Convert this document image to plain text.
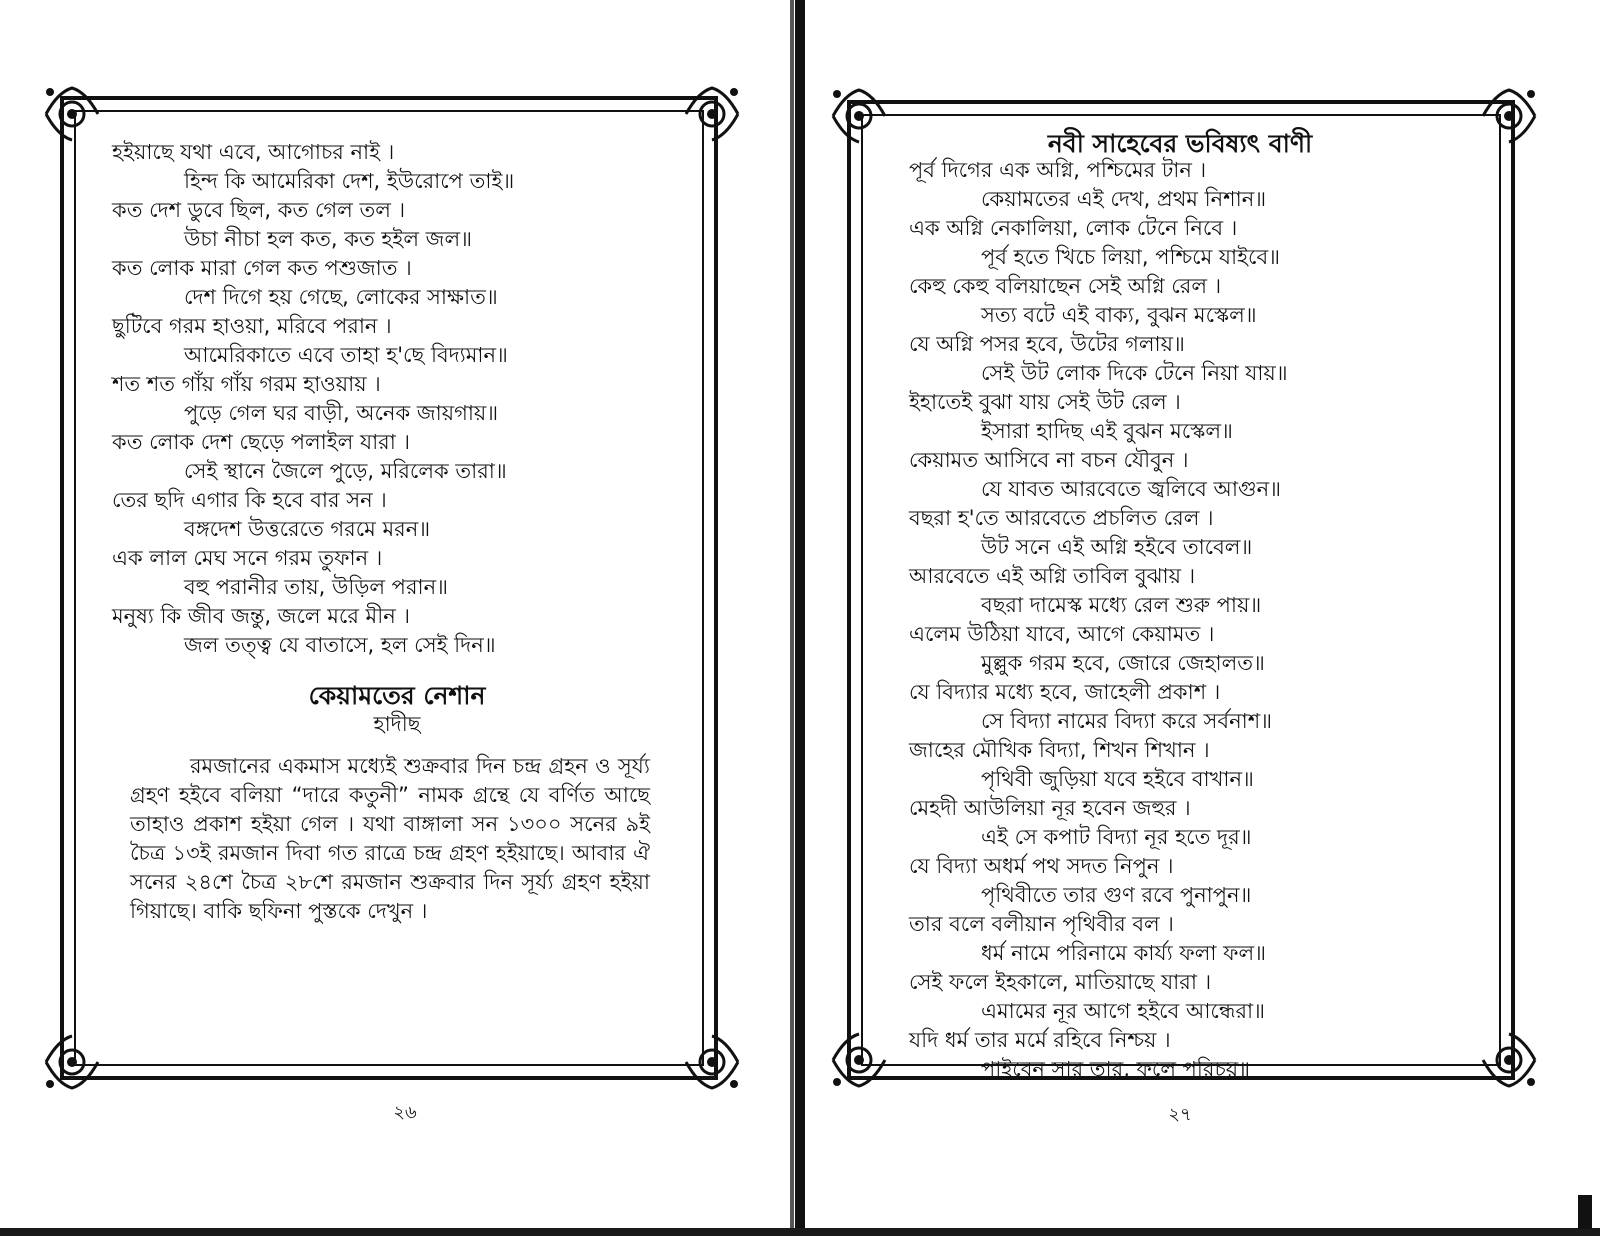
হইয়াছে যথা এবে, আগোচর নাই ।
হিন্দ কি আমেরিকা দেশ, ইউরোপে তাই॥
কত দেশ ডুবে ছিল, কত গেল তল ।
উচা নীচা হল কত, কত হইল জল॥
কত লোক মারা গেল কত পশুজাত ।
দেশ দিগে হয় গেছে, লোকের সাক্ষাত॥
ছুটিবে গরম হাওয়া, মরিবে পরান ।
আমেরিকাতে এবে তাহা হ'ছে বিদ্যমান॥
শত শত গাঁয় গাঁয় গরম হাওয়ায় ।
পুড়ে গেল ঘর বাড়ী, অনেক জায়গায়॥
কত লোক দেশ ছেড়ে পলাইল যারা ।
সেই স্থানে জৈলে পুড়ে, মরিলেক তারা॥
তের ছদি এগার কি হবে বার সন ।
বঙ্গদেশ উত্তরেতে গরমে মরন॥
এক লাল মেঘ সনে গরম তুফান ।
বহু পরানীর তায়, উড়িল পরান॥
মনুষ্য কি জীব জন্তু, জলে মরে মীন ।
জল তত্ত্ব যে বাতাসে, হল সেই দিন॥
কেয়ামতের নেশান
হাদীছ
রমজানের একমাস মধ্যেই শুক্রবার দিন চন্দ্র গ্রহন ও সূর্য্য গ্রহণ হইবে বলিয়া “দারে কতুনী” নামক গ্রন্থে যে বর্ণিত আছে তাহাও প্রকাশ হইয়া গেল । যথা বাঙ্গালা সন ১৩০০ সনের ৯ই চৈত্র ১৩ই রমজান দিবা গত রাত্রে চন্দ্র গ্রহণ হইয়াছে। আবার ঐ সনের ২৪শে চৈত্র ২৮শে রমজান শুক্রবার দিন সূর্য্য গ্রহণ হইয়া গিয়াছে। বাকি ছফিনা পুস্তকে দেখুন ।
২৬
নবী সাহেবের ভবিষ্যৎ বাণী
পূর্ব দিগের এক অগ্নি, পশ্চিমের টান ।
কেয়ামতের এই দেখ, প্রথম নিশান॥
এক অগ্নি নেকালিয়া, লোক টেনে নিবে ।
পূর্ব হতে খিচে লিয়া, পশ্চিমে যাইবে॥
কেহু কেহু বলিয়াছেন সেই অগ্নি রেল ।
সত্য বটে এই বাক্য, বুঝন মস্কেল॥
যে অগ্নি পসর হবে, উটের গলায়॥
সেই উট লোক দিকে টেনে নিয়া যায়॥
ইহাতেই বুঝা যায় সেই উট রেল ।
ইসারা হাদিছ এই বুঝন মস্কেল॥
কেয়ামত আসিবে না বচন যৌবুন ।
যে যাবত আরবেতে জ্বলিবে আগুন॥
বছরা হ'তে আরবেতে প্রচলিত রেল ।
উট সনে এই অগ্নি হইবে তাবেল॥
আরবেতে এই অগ্নি তাবিল বুঝায় ।
বছরা দামেস্ক মধ্যে রেল শুরু পায়॥
এলেম উঠিয়া যাবে, আগে কেয়ামত ।
মুল্লুক গরম হবে, জোরে জেহালত॥
যে বিদ্যার মধ্যে হবে, জাহেলী প্রকাশ ।
সে বিদ্যা নামের বিদ্যা করে সর্বনাশ॥
জাহের মৌখিক বিদ্যা, শিখন শিখান ।
পৃথিবী জুড়িয়া যবে হইবে বাখান॥
মেহদী আউলিয়া নূর হবেন জহুর ।
এই সে কপাট বিদ্যা নূর হতে দূর॥
যে বিদ্যা অধর্ম পথ সদত নিপুন ।
পৃথিবীতে তার গুণ রবে পুনাপুন॥
তার বলে বলীয়ান পৃথিবীর বল ।
ধর্ম নামে পরিনামে কার্য্য ফলা ফল॥
সেই ফলে ইহকালে, মাতিয়াছে যারা ।
এমামের নূর আগে হইবে আন্ধেরা॥
যদি ধর্ম তার মর্মে রহিবে নিশ্চয় ।
পাইবেন সার তার, ফলে পরিচয়॥
২৭
